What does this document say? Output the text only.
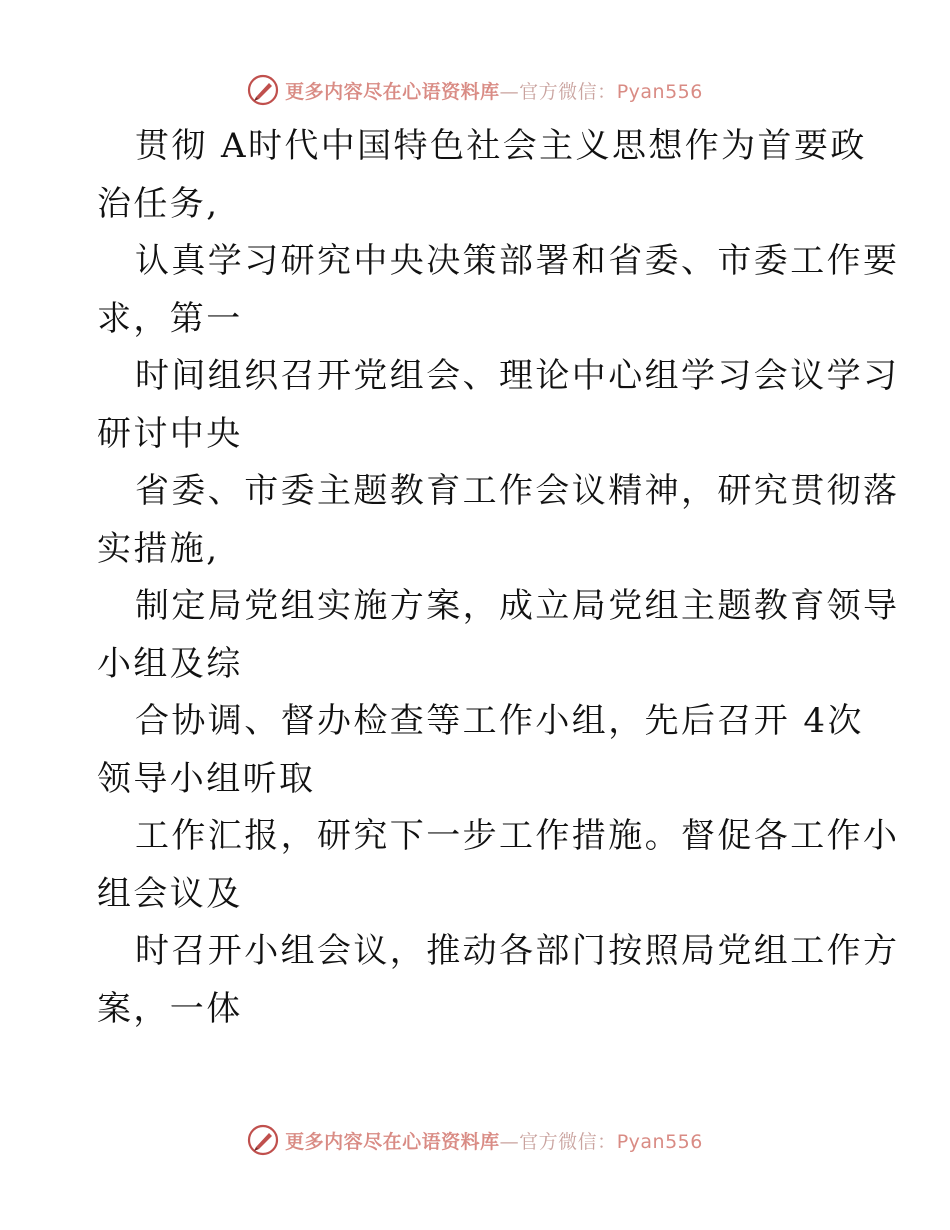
更多内容尽在心语资料库—官方微信：Pyan556
贯彻 A时代中国特色社会主义思想作为首要政
治任务,
认真学习研究中央决策部署和省委、市委工作要
求，第一
时间组织召开党组会、理论中心组学习会议学习
研讨中央
省委、市委主题教育工作会议精神，研究贯彻落
实措施,
制定局党组实施方案，成立局党组主题教育领导
小组及综
合协调、督办检查等工作小组，先后召开 4次
领导小组听取
工作汇报，研究下一步工作措施。督促各工作小
组会议及
时召开小组会议，推动各部门按照局党组工作方
案，一体
更多内容尽在心语资料库—官方微信：Pyan556
